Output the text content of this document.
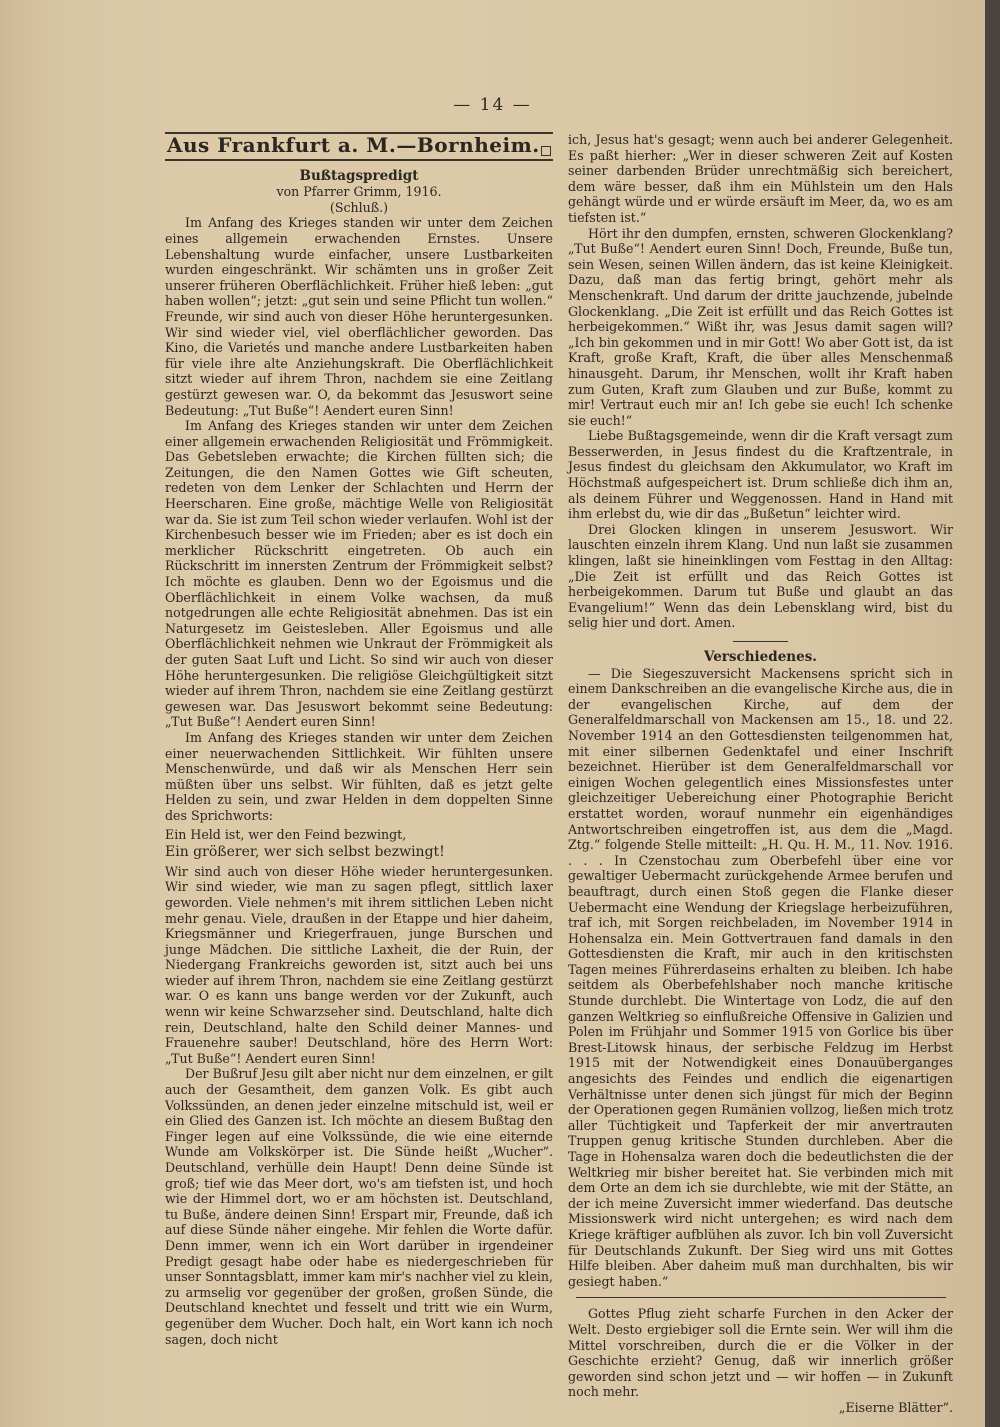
— 14 —
Aus Frankfurt a. M.—Bornheim.

Bußtagspredigt

von Pfarrer Grimm, 1916.

(Schluß.)

Im Anfang des Krieges standen wir unter dem Zeichen eines allgemein erwachenden Ernstes. Unsere Lebenshaltung wurde einfacher, unsere Lustbarkeiten wurden eingeschränkt. Wir schämten uns in großer Zeit unserer früheren Oberflächlichkeit. Früher hieß leben: „gut haben wollen“; jetzt: „gut sein und seine Pflicht tun wollen.“ Freunde, wir sind auch von dieser Höhe heruntergesunken. Wir sind wieder viel, viel oberflächlicher geworden. Das Kino, die Varietés und manche andere Lustbarkeiten haben für viele ihre alte Anziehungskraft. Die Oberflächlichkeit sitzt wieder auf ihrem Thron, nachdem sie eine Zeitlang gestürzt gewesen war. O, da bekommt das Jesuswort seine Bedeutung: „Tut Buße“! Aendert euren Sinn!

Im Anfang des Krieges standen wir unter dem Zeichen einer allgemein erwachenden Religiosität und Frömmigkeit. Das Gebetsleben erwachte; die Kirchen füllten sich; die Zeitungen, die den Namen Gottes wie Gift scheuten, redeten von dem Lenker der Schlachten und Herrn der Heerscharen. Eine große, mächtige Welle von Religiosität war da. Sie ist zum Teil schon wieder verlaufen. Wohl ist der Kirchenbesuch besser wie im Frieden; aber es ist doch ein merklicher Rückschritt eingetreten. Ob auch ein Rückschritt im innersten Zentrum der Frömmigkeit selbst? Ich möchte es glauben. Denn wo der Egoismus und die Oberflächlichkeit in einem Volke wachsen, da muß notgedrungen alle echte Religiosität abnehmen. Das ist ein Naturgesetz im Geistesleben. Aller Egoismus und alle Oberflächlichkeit nehmen wie Unkraut der Frömmigkeit als der guten Saat Luft und Licht. So sind wir auch von dieser Höhe heruntergesunken. Die religiöse Gleichgültigkeit sitzt wieder auf ihrem Thron, nachdem sie eine Zeitlang gestürzt gewesen war. Das Jesuswort bekommt seine Bedeutung: „Tut Buße“! Aendert euren Sinn!

Im Anfang des Krieges standen wir unter dem Zeichen einer neuerwachenden Sittlichkeit. Wir fühlten unsere Menschenwürde, und daß wir als Menschen Herr sein müßten über uns selbst. Wir fühlten, daß es jetzt gelte Helden zu sein, und zwar Helden in dem doppelten Sinne des Sprichworts:

Ein Held ist, wer den Feind bezwingt,

Ein größerer, wer sich selbst bezwingt!

Wir sind auch von dieser Höhe wieder heruntergesunken. Wir sind wieder, wie man zu sagen pflegt, sittlich laxer geworden. Viele nehmen's mit ihrem sittlichen Leben nicht mehr genau. Viele, draußen in der Etappe und hier daheim, Kriegsmänner und Kriegerfrauen, junge Burschen und junge Mädchen. Die sittliche Laxheit, die der Ruin, der Niedergang Frankreichs geworden ist, sitzt auch bei uns wieder auf ihrem Thron, nachdem sie eine Zeitlang gestürzt war. O es kann uns bange werden vor der Zukunft, auch wenn wir keine Schwarzseher sind. Deutschland, halte dich rein, Deutschland, halte den Schild deiner Mannes- und Frauenehre sauber! Deutschland, höre des Herrn Wort: „Tut Buße“! Aendert euren Sinn!

Der Bußruf Jesu gilt aber nicht nur dem einzelnen, er gilt auch der Gesamtheit, dem ganzen Volk. Es gibt auch Volkssünden, an denen jeder einzelne mitschuld ist, weil er ein Glied des Ganzen ist. Ich möchte an diesem Bußtag den Finger legen auf eine Volkssünde, die wie eine eiternde Wunde am Volkskörper ist. Die Sünde heißt „Wucher“. Deutschland, verhülle dein Haupt! Denn deine Sünde ist groß; tief wie das Meer dort, wo's am tiefsten ist, und hoch wie der Himmel dort, wo er am höchsten ist. Deutschland, tu Buße, ändere deinen Sinn! Erspart mir, Freunde, daß ich auf diese Sünde näher eingehe. Mir fehlen die Worte dafür. Denn immer, wenn ich ein Wort darüber in irgendeiner Predigt gesagt habe oder habe es niedergeschrieben für unser Sonntagsblatt, immer kam mir's nachher viel zu klein, zu armselig vor gegenüber der großen, großen Sünde, die Deutschland knechtet und fesselt und tritt wie ein Wurm, gegenüber dem Wucher. Doch halt, ein Wort kann ich noch sagen, doch nicht

ich, Jesus hat's gesagt; wenn auch bei anderer Gelegenheit. Es paßt hierher: „Wer in dieser schweren Zeit auf Kosten seiner darbenden Brüder unrechtmäßig sich bereichert, dem wäre besser, daß ihm ein Mühlstein um den Hals gehängt würde und er würde ersäuft im Meer, da, wo es am tiefsten ist.“

Hört ihr den dumpfen, ernsten, schweren Glockenklang? „Tut Buße“! Aendert euren Sinn! Doch, Freunde, Buße tun, sein Wesen, seinen Willen ändern, das ist keine Kleinigkeit. Dazu, daß man das fertig bringt, gehört mehr als Menschenkraft. Und darum der dritte jauchzende, jubelnde Glockenklang. „Die Zeit ist erfüllt und das Reich Gottes ist herbeigekommen.“ Wißt ihr, was Jesus damit sagen will? „Ich bin gekommen und in mir Gott! Wo aber Gott ist, da ist Kraft, große Kraft, Kraft, die über alles Menschenmaß hinausgeht. Darum, ihr Menschen, wollt ihr Kraft haben zum Guten, Kraft zum Glauben und zur Buße, kommt zu mir! Vertraut euch mir an! Ich gebe sie euch! Ich schenke sie euch!“

Liebe Bußtagsgemeinde, wenn dir die Kraft versagt zum Besserwerden, in Jesus findest du die Kraftzentrale, in Jesus findest du gleichsam den Akkumulator, wo Kraft im Höchstmaß aufgespeichert ist. Drum schließe dich ihm an, als deinem Führer und Weggenossen. Hand in Hand mit ihm erlebst du, wie dir das „Bußetun“ leichter wird.

Drei Glocken klingen in unserem Jesuswort. Wir lauschten einzeln ihrem Klang. Und nun laßt sie zusammen klingen, laßt sie hineinklingen vom Festtag in den Alltag: „Die Zeit ist erfüllt und das Reich Gottes ist herbeigekommen. Darum tut Buße und glaubt an das Evangelium!“ Wenn das dein Lebensklang wird, bist du selig hier und dort. Amen.

Verschiedenes.

— Die Siegeszuversicht Mackensens spricht sich in einem Dankschreiben an die evangelische Kirche aus, die in der evangelischen Kirche, auf dem der Generalfeldmarschall von Mackensen am 15., 18. und 22. November 1914 an den Gottesdiensten teilgenommen hat, mit einer silbernen Gedenktafel und einer Inschrift bezeichnet. Hierüber ist dem Generalfeldmarschall vor einigen Wochen gelegentlich eines Missionsfestes unter gleichzeitiger Uebereichung einer Photographie Bericht erstattet worden, worauf nunmehr ein eigenhändiges Antwortschreiben eingetroffen ist, aus dem die „Magd. Ztg.“ folgende Stelle mitteilt: „H. Qu. H. M., 11. Nov. 1916. . . . In Czenstochau zum Oberbefehl über eine vor gewaltiger Uebermacht zurückgehende Armee berufen und beauftragt, durch einen Stoß gegen die Flanke dieser Uebermacht eine Wendung der Kriegslage herbeizuführen, traf ich, mit Sorgen reichbeladen, im November 1914 in Hohensalza ein. Mein Gottvertrauen fand damals in den Gottesdiensten die Kraft, mir auch in den kritischsten Tagen meines Führerdaseins erhalten zu bleiben. Ich habe seitdem als Oberbefehlshaber noch manche kritische Stunde durchlebt. Die Wintertage von Lodz, die auf den ganzen Weltkrieg so einflußreiche Offensive in Galizien und Polen im Frühjahr und Sommer 1915 von Gorlice bis über Brest-Litowsk hinaus, der serbische Feldzug im Herbst 1915 mit der Notwendigkeit eines Donauüberganges angesichts des Feindes und endlich die eigenartigen Verhältnisse unter denen sich jüngst für mich der Beginn der Operationen gegen Rumänien vollzog, ließen mich trotz aller Tüchtigkeit und Tapferkeit der mir anvertrauten Truppen genug kritische Stunden durchleben. Aber die Tage in Hohensalza waren doch die bedeutlichsten die der Weltkrieg mir bisher bereitet hat. Sie verbinden mich mit dem Orte an dem ich sie durchlebte, wie mit der Stätte, an der ich meine Zuversicht immer wiederfand. Das deutsche Missionswerk wird nicht untergehen; es wird nach dem Kriege kräftiger aufblühen als zuvor. Ich bin voll Zuversicht für Deutschlands Zukunft. Der Sieg wird uns mit Gottes Hilfe bleiben. Aber daheim muß man durchhalten, bis wir gesiegt haben.“

Gottes Pflug zieht scharfe Furchen in den Acker der Welt. Desto ergiebiger soll die Ernte sein. Wer will ihm die Mittel vorschreiben, durch die er die Völker in der Geschichte erzieht? Genug, daß wir innerlich größer geworden sind schon jetzt und — wir hoffen — in Zukunft noch mehr.

„Eiserne Blätter“.
